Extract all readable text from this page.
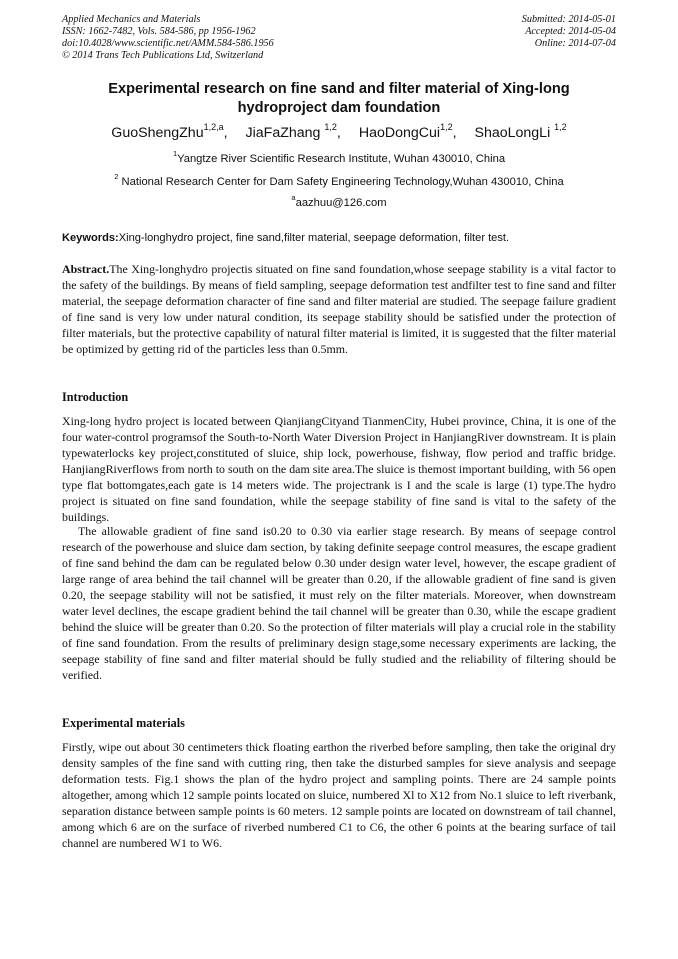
Applied Mechanics and Materials
ISSN: 1662-7482, Vols. 584-586, pp 1956-1962
doi:10.4028/www.scientific.net/AMM.584-586.1956
© 2014 Trans Tech Publications Ltd, Switzerland
Submitted: 2014-05-01
Accepted: 2014-05-04
Online: 2014-07-04
Experimental research on fine sand and filter material of Xing-long hydroproject dam foundation
GuoShengZhu$^{1,2,a}$, JiaFaZhang $^{1,2}$, HaoDongCui$^{1,2}$, ShaoLongLi $^{1,2}$
$^1$Yangtze River Scientific Research Institute, Wuhan 430010, China
$^2$ National Research Center for Dam Safety Engineering Technology,Wuhan 430010, China
$^a$aazhuu@126.com
Keywords:Xing-longhydro project, fine sand,filter material, seepage deformation, filter test.

Abstract.The Xing-longhydro projectis situated on fine sand foundation,whose seepage stability is a vital factor to the safety of the buildings. By means of field sampling, seepage deformation test andfilter test to fine sand and filter material, the seepage deformation character of fine sand and filter material are studied. The seepage failure gradient of fine sand is very low under natural condition, its seepage stability should be satisfied under the protection of filter materials, but the protective capability of natural filter material is limited, it is suggested that the filter material be optimized by getting rid of the particles less than 0.5mm.

Introduction

Xing-long hydro project is located between QianjiangCityand TianmenCity, Hubei province, China, it is one of the four water-control programsof the South-to-North Water Diversion Project in HanjiangRiver downstream. It is plain typewaterlocks key project,constituted of sluice, ship lock, powerhouse, fishway, flow period and traffic bridge. HanjiangRiverflows from north to south on the dam site area.The sluice is themost important building, with 56 open type flat bottomgates,each gate is 14 meters wide. The projectrank is I and the scale is large (1) type.The hydro project is situated on fine sand foundation, while the seepage stability of fine sand is vital to the safety of the buildings.

The allowable gradient of fine sand is0.20 to 0.30 via earlier stage research. By means of seepage control research of the powerhouse and sluice dam section, by taking definite seepage control measures, the escape gradient of fine sand behind the dam can be regulated below 0.30 under design water level, however, the escape gradient of large range of area behind the tail channel will be greater than 0.20, if the allowable gradient of fine sand is given 0.20, the seepage stability will not be satisfied, it must rely on the filter materials. Moreover, when downstream water level declines, the escape gradient behind the tail channel will be greater than 0.30, while the escape gradient behind the sluice will be greater than 0.20. So the protection of filter materials will play a crucial role in the stability of fine sand foundation. From the results of preliminary design stage,some necessary experiments are lacking, the seepage stability of fine sand and filter material should be fully studied and the reliability of filtering should be verified.

Experimental materials

Firstly, wipe out about 30 centimeters thick floating earthon the riverbed before sampling, then take the original dry density samples of the fine sand with cutting ring, then take the disturbed samples for sieve analysis and seepage deformation tests. Fig.1 shows the plan of the hydro project and sampling points. There are 24 sample points altogether, among which 12 sample points located on sluice, numbered Xl to X12 from No.1 sluice to left riverbank, separation distance between sample points is 60 meters. 12 sample points are located on downstream of tail channel, among which 6 are on the surface of riverbed numbered C1 to C6, the other 6 points at the bearing surface of tail channel are numbered W1 to W6.
